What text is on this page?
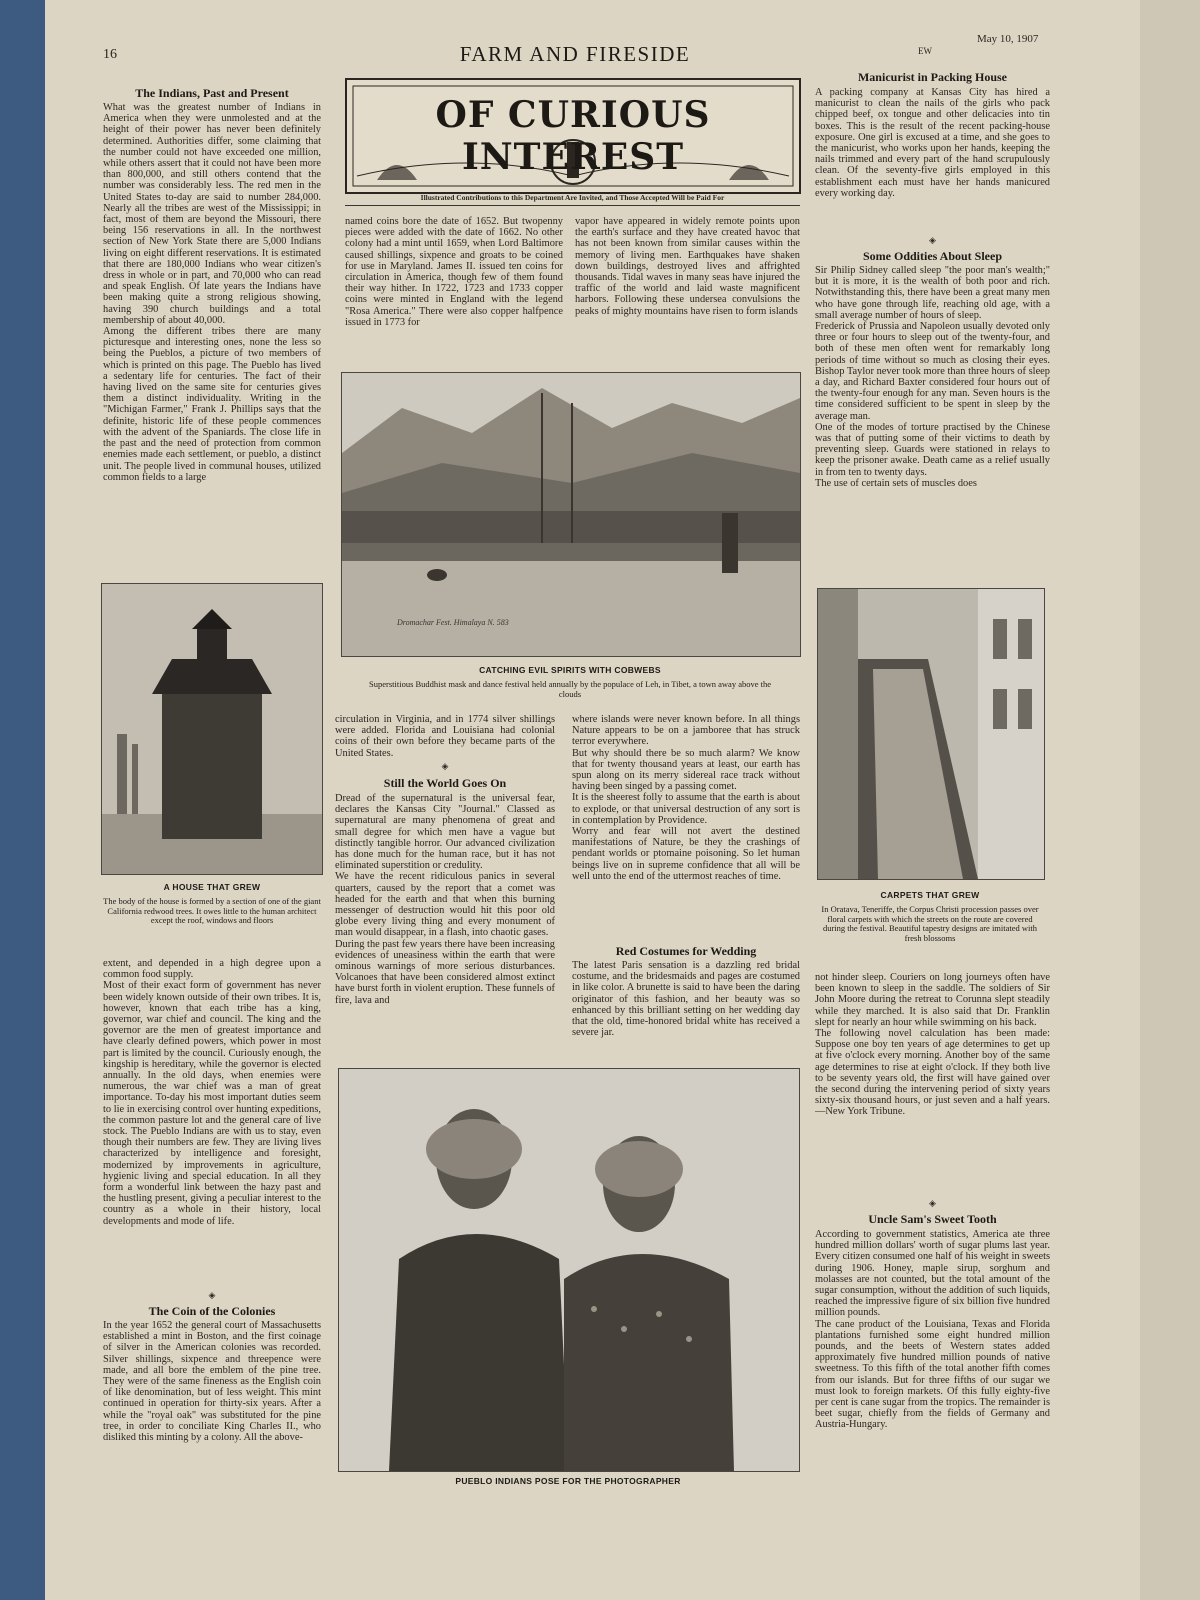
16	FARM AND FIRESIDE
May 10, 1907
EW
OF CURIOUS INTEREST
Illustrated Contributions to this Department Are Invited, and Those Accepted Will be Paid For
The Indians, Past and Present
What was the greatest number of Indians in America when they were unmolested and at the height of their power has never been definitely determined. Authorities differ, some claiming that the number could not have exceeded one million, while others assert that it could not have been more than 800,000, and still others contend that the number was considerably less. The red men in the United States to-day are said to number 284,000. Nearly all the tribes are west of the Mississippi; in fact, most of them are beyond the Missouri, there being 156 reservations in all. In the northwest section of New York State there are 5,000 Indians living on eight different reservations. It is estimated that there are 180,000 Indians who wear citizen's dress in whole or in part, and 70,000 who can read and speak English. Of late years the Indians have been making quite a strong religious showing, having 390 church buildings and a total membership of about 40,000.
Among the different tribes there are many picturesque and interesting ones, none the less so being the Pueblos, a picture of two members of which is printed on this page. The Pueblo has lived a sedentary life for centuries. The fact of their having lived on the same site for centuries gives them a distinct individuality. Writing in the "Michigan Farmer," Frank J. Phillips says that the definite, historic life of these people commences with the advent of the Spaniards. The close life in the past and the need of protection from common enemies made each settlement, or pueblo, a distinct unit. The people lived in communal houses, utilized common fields to a large
A HOUSE THAT GREW
The body of the house is formed by a section of one of the giant California redwood trees. It owes little to the human architect except the roof, windows and floors
extent, and depended in a high degree upon a common food supply.
Most of their exact form of government has never been widely known outside of their own tribes. It is, however, known that each tribe has a king, governor, war chief and council. The king and the governor are the men of greatest importance and have clearly defined powers, which power in most part is limited by the council. Curiously enough, the kingship is hereditary, while the governor is elected annually. In the old days, when enemies were numerous, the war chief was a man of great importance. To-day his most important duties seem to lie in exercising control over hunting expeditions, the common pasture lot and the general care of live stock. The Pueblo Indians are with us to stay, even though their numbers are few. They are living lives characterized by intelligence and foresight, modernized by improvements in agriculture, hygienic living and special education. In all they form a wonderful link between the hazy past and the hustling present, giving a peculiar interest to the country as a whole in their history, local developments and mode of life.
◈
The Coin of the Colonies
In the year 1652 the general court of Massachusetts established a mint in Boston, and the first coinage of silver in the American colonies was recorded. Silver shillings, sixpence and threepence were made, and all bore the emblem of the pine tree. They were of the same fineness as the English coin of like denomination, but of less weight. This mint continued in operation for thirty-six years. After a while the "royal oak" was substituted for the pine tree, in order to conciliate King Charles II., who disliked this minting by a colony. All the above-
named coins bore the date of 1652. But twopenny pieces were added with the date of 1662. No other colony had a mint until 1659, when Lord Baltimore caused shillings, sixpence and groats to be coined for use in Maryland. James II. issued ten coins for circulation in America, though few of them found their way hither. In 1722, 1723 and 1733 copper coins were minted in England with the legend "Rosa America." There were also copper halfpence issued in 1773 for
vapor have appeared in widely remote points upon the earth's surface and they have created havoc that has not been known from similar causes within the memory of living men. Earthquakes have shaken down buildings, destroyed lives and affrighted thousands. Tidal waves in many seas have injured the traffic of the world and laid waste magnificent harbors. Following these undersea convulsions the peaks of mighty mountains have risen to form islands
Dromachar Fest. Himalaya N. 583
CATCHING EVIL SPIRITS WITH COBWEBS
Superstitious Buddhist mask and dance festival held annually by the populace of Leh, in Tibet, a town away above the clouds
circulation in Virginia, and in 1774 silver shillings were added. Florida and Louisiana had colonial coins of their own before they became parts of the United States.
◈
Still the World Goes On
Dread of the supernatural is the universal fear, declares the Kansas City "Journal." Classed as supernatural are many phenomena of great and small degree for which men have a vague but distinctly tangible horror. Our advanced civilization has done much for the human race, but it has not eliminated superstition or credulity.
We have the recent ridiculous panics in several quarters, caused by the report that a comet was headed for the earth and that when this burning messenger of destruction would hit this poor old globe every living thing and every monument of man would disappear, in a flash, into chaotic gases.
During the past few years there have been increasing evidences of uneasiness within the earth that were ominous warnings of more serious disturbances. Volcanoes that have been considered almost extinct have burst forth in violent eruption. These funnels of fire, lava and
where islands were never known before. In all things Nature appears to be on a jamboree that has struck terror everywhere.
But why should there be so much alarm? We know that for twenty thousand years at least, our earth has spun along on its merry sidereal race track without having been singed by a passing comet.
It is the sheerest folly to assume that the earth is about to explode, or that universal destruction of any sort is in contemplation by Providence.
Worry and fear will not avert the destined manifestations of Nature, be they the crashings of pendant worlds or ptomaine poisoning. So let human beings live on in supreme confidence that all will be well unto the end of the uttermost reaches of time.
Red Costumes for Wedding
The latest Paris sensation is a dazzling red bridal costume, and the bridesmaids and pages are costumed in like color. A brunette is said to have been the daring originator of this fashion, and her beauty was so enhanced by this brilliant setting on her wedding day that the old, time-honored bridal white has received a severe jar.
PUEBLO INDIANS POSE FOR THE PHOTOGRAPHER
Manicurist in Packing House
A packing company at Kansas City has hired a manicurist to clean the nails of the girls who pack chipped beef, ox tongue and other delicacies into tin boxes. This is the result of the recent packing-house exposure. One girl is excused at a time, and she goes to the manicurist, who works upon her hands, keeping the nails trimmed and every part of the hand scrupulously clean. Of the seventy-five girls employed in this establishment each must have her hands manicured every working day.
◈
Some Oddities About Sleep
Sir Philip Sidney called sleep "the poor man's wealth;" but it is more, it is the wealth of both poor and rich. Notwithstanding this, there have been a great many men who have gone through life, reaching old age, with a small average number of hours of sleep.
Frederick of Prussia and Napoleon usually devoted only three or four hours to sleep out of the twenty-four, and both of these men often went for remarkably long periods of time without so much as closing their eyes. Bishop Taylor never took more than three hours of sleep a day, and Richard Baxter considered four hours out of the twenty-four enough for any man. Seven hours is the time considered sufficient to be spent in sleep by the average man.
One of the modes of torture practised by the Chinese was that of putting some of their victims to death by preventing sleep. Guards were stationed in relays to keep the prisoner awake. Death came as a relief usually in from ten to twenty days.
The use of certain sets of muscles does
CARPETS THAT GREW
In Oratava, Teneriffe, the Corpus Christi procession passes over floral carpets with which the streets on the route are covered during the festival. Beautiful tapestry designs are imitated with fresh blossoms
not hinder sleep. Couriers on long journeys often have been known to sleep in the saddle. The soldiers of Sir John Moore during the retreat to Corunna slept steadily while they marched. It is also said that Dr. Franklin slept for nearly an hour while swimming on his back.
The following novel calculation has been made: Suppose one boy ten years of age determines to get up at five o'clock every morning. Another boy of the same age determines to rise at eight o'clock. If they both live to be seventy years old, the first will have gained over the second during the intervening period of sixty years sixty-six thousand hours, or just seven and a half years.—New York Tribune.
◈
Uncle Sam's Sweet Tooth
According to government statistics, America ate three hundred million dollars' worth of sugar plums last year. Every citizen consumed one half of his weight in sweets during 1906. Honey, maple sirup, sorghum and molasses are not counted, but the total amount of the sugar consumption, without the addition of such liquids, reached the impressive figure of six billion five hundred million pounds.
The cane product of the Louisiana, Texas and Florida plantations furnished some eight hundred million pounds, and the beets of Western states added approximately five hundred million pounds of native sweetness. To this fifth of the total another fifth comes from our islands. But for three fifths of our sugar we must look to foreign markets. Of this fully eighty-five per cent is cane sugar from the tropics. The remainder is beet sugar, chiefly from the fields of Germany and Austria-Hungary.
